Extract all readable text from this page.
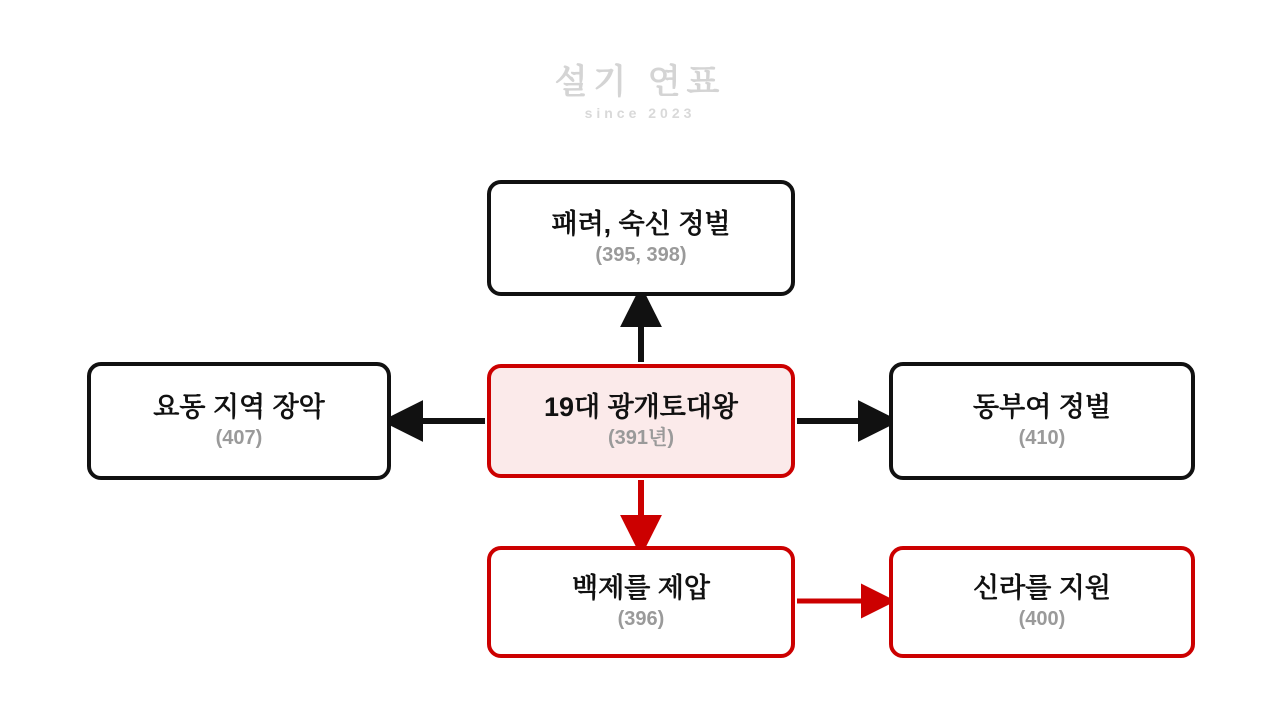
설기 연표
since 2023
19대 광개토대왕
(391년)
패려, 숙신 정벌
(395, 398)
요동 지역 장악
(407)
동부여 정벌
(410)
백제를 제압
(396)
신라를 지원
(400)
